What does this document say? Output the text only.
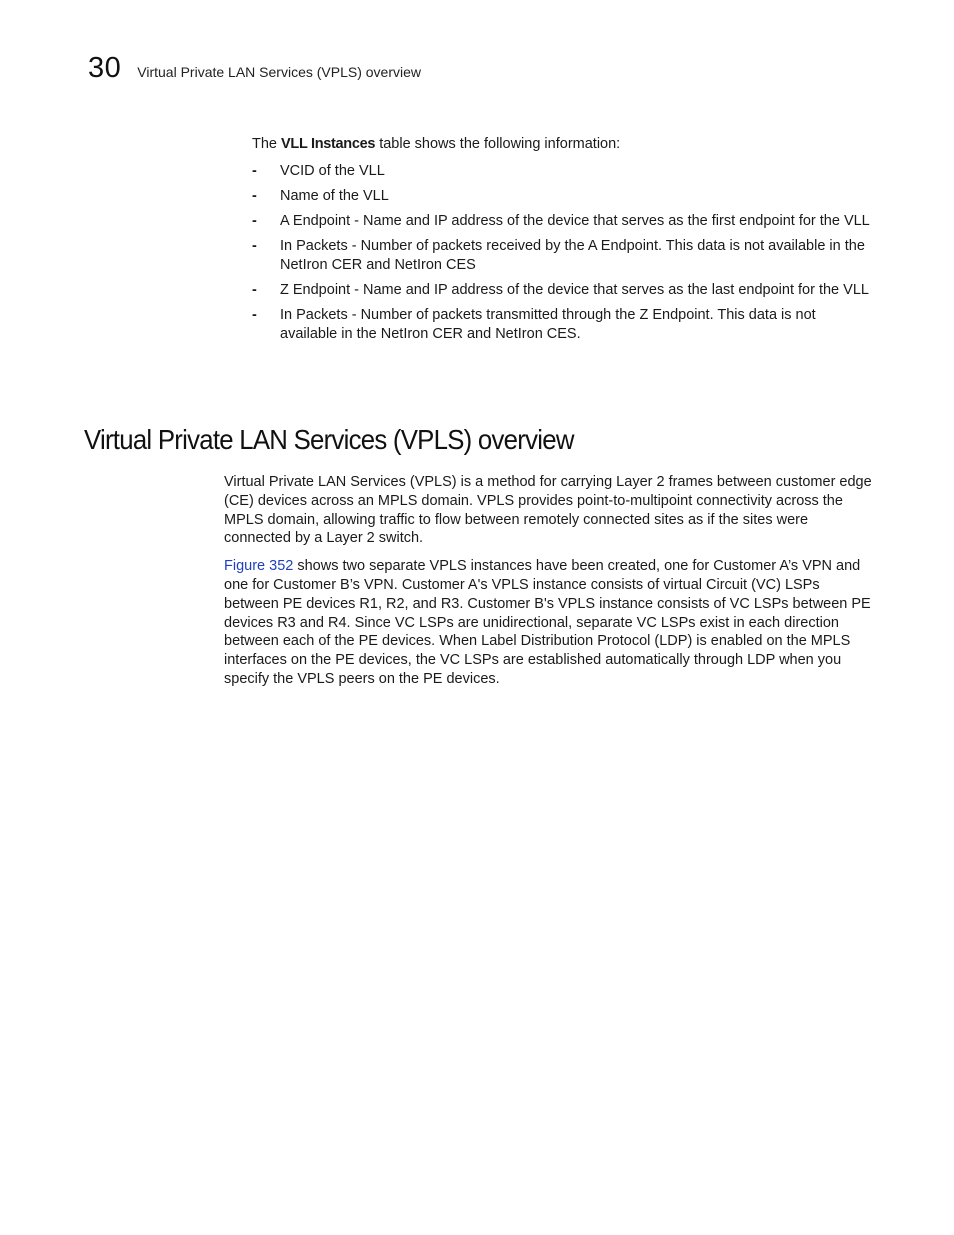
30 Virtual Private LAN Services (VPLS) overview

The VLL Instances table shows the following information:

- VCID of the VLL
- Name of the VLL
- A Endpoint - Name and IP address of the device that serves as the first endpoint for the VLL
- In Packets - Number of packets received by the A Endpoint. This data is not available in the NetIron CER and NetIron CES
- Z Endpoint - Name and IP address of the device that serves as the last endpoint for the VLL
- In Packets - Number of packets transmitted through the Z Endpoint. This data is not available in the NetIron CER and NetIron CES.
Virtual Private LAN Services (VPLS) overview

Virtual Private LAN Services (VPLS) is a method for carrying Layer 2 frames between customer edge (CE) devices across an MPLS domain. VPLS provides point-to-multipoint connectivity across the MPLS domain, allowing traffic to flow between remotely connected sites as if the sites were connected by a Layer 2 switch.

Figure 352 shows two separate VPLS instances have been created, one for Customer A’s VPN and one for Customer B’s VPN. Customer A's VPLS instance consists of virtual Circuit (VC) LSPs between PE devices R1, R2, and R3. Customer B's VPLS instance consists of VC LSPs between PE devices R3 and R4. Since VC LSPs are unidirectional, separate VC LSPs exist in each direction between each of the PE devices. When Label Distribution Protocol (LDP) is enabled on the MPLS interfaces on the PE devices, the VC LSPs are established automatically through LDP when you specify the VPLS peers on the PE devices.
